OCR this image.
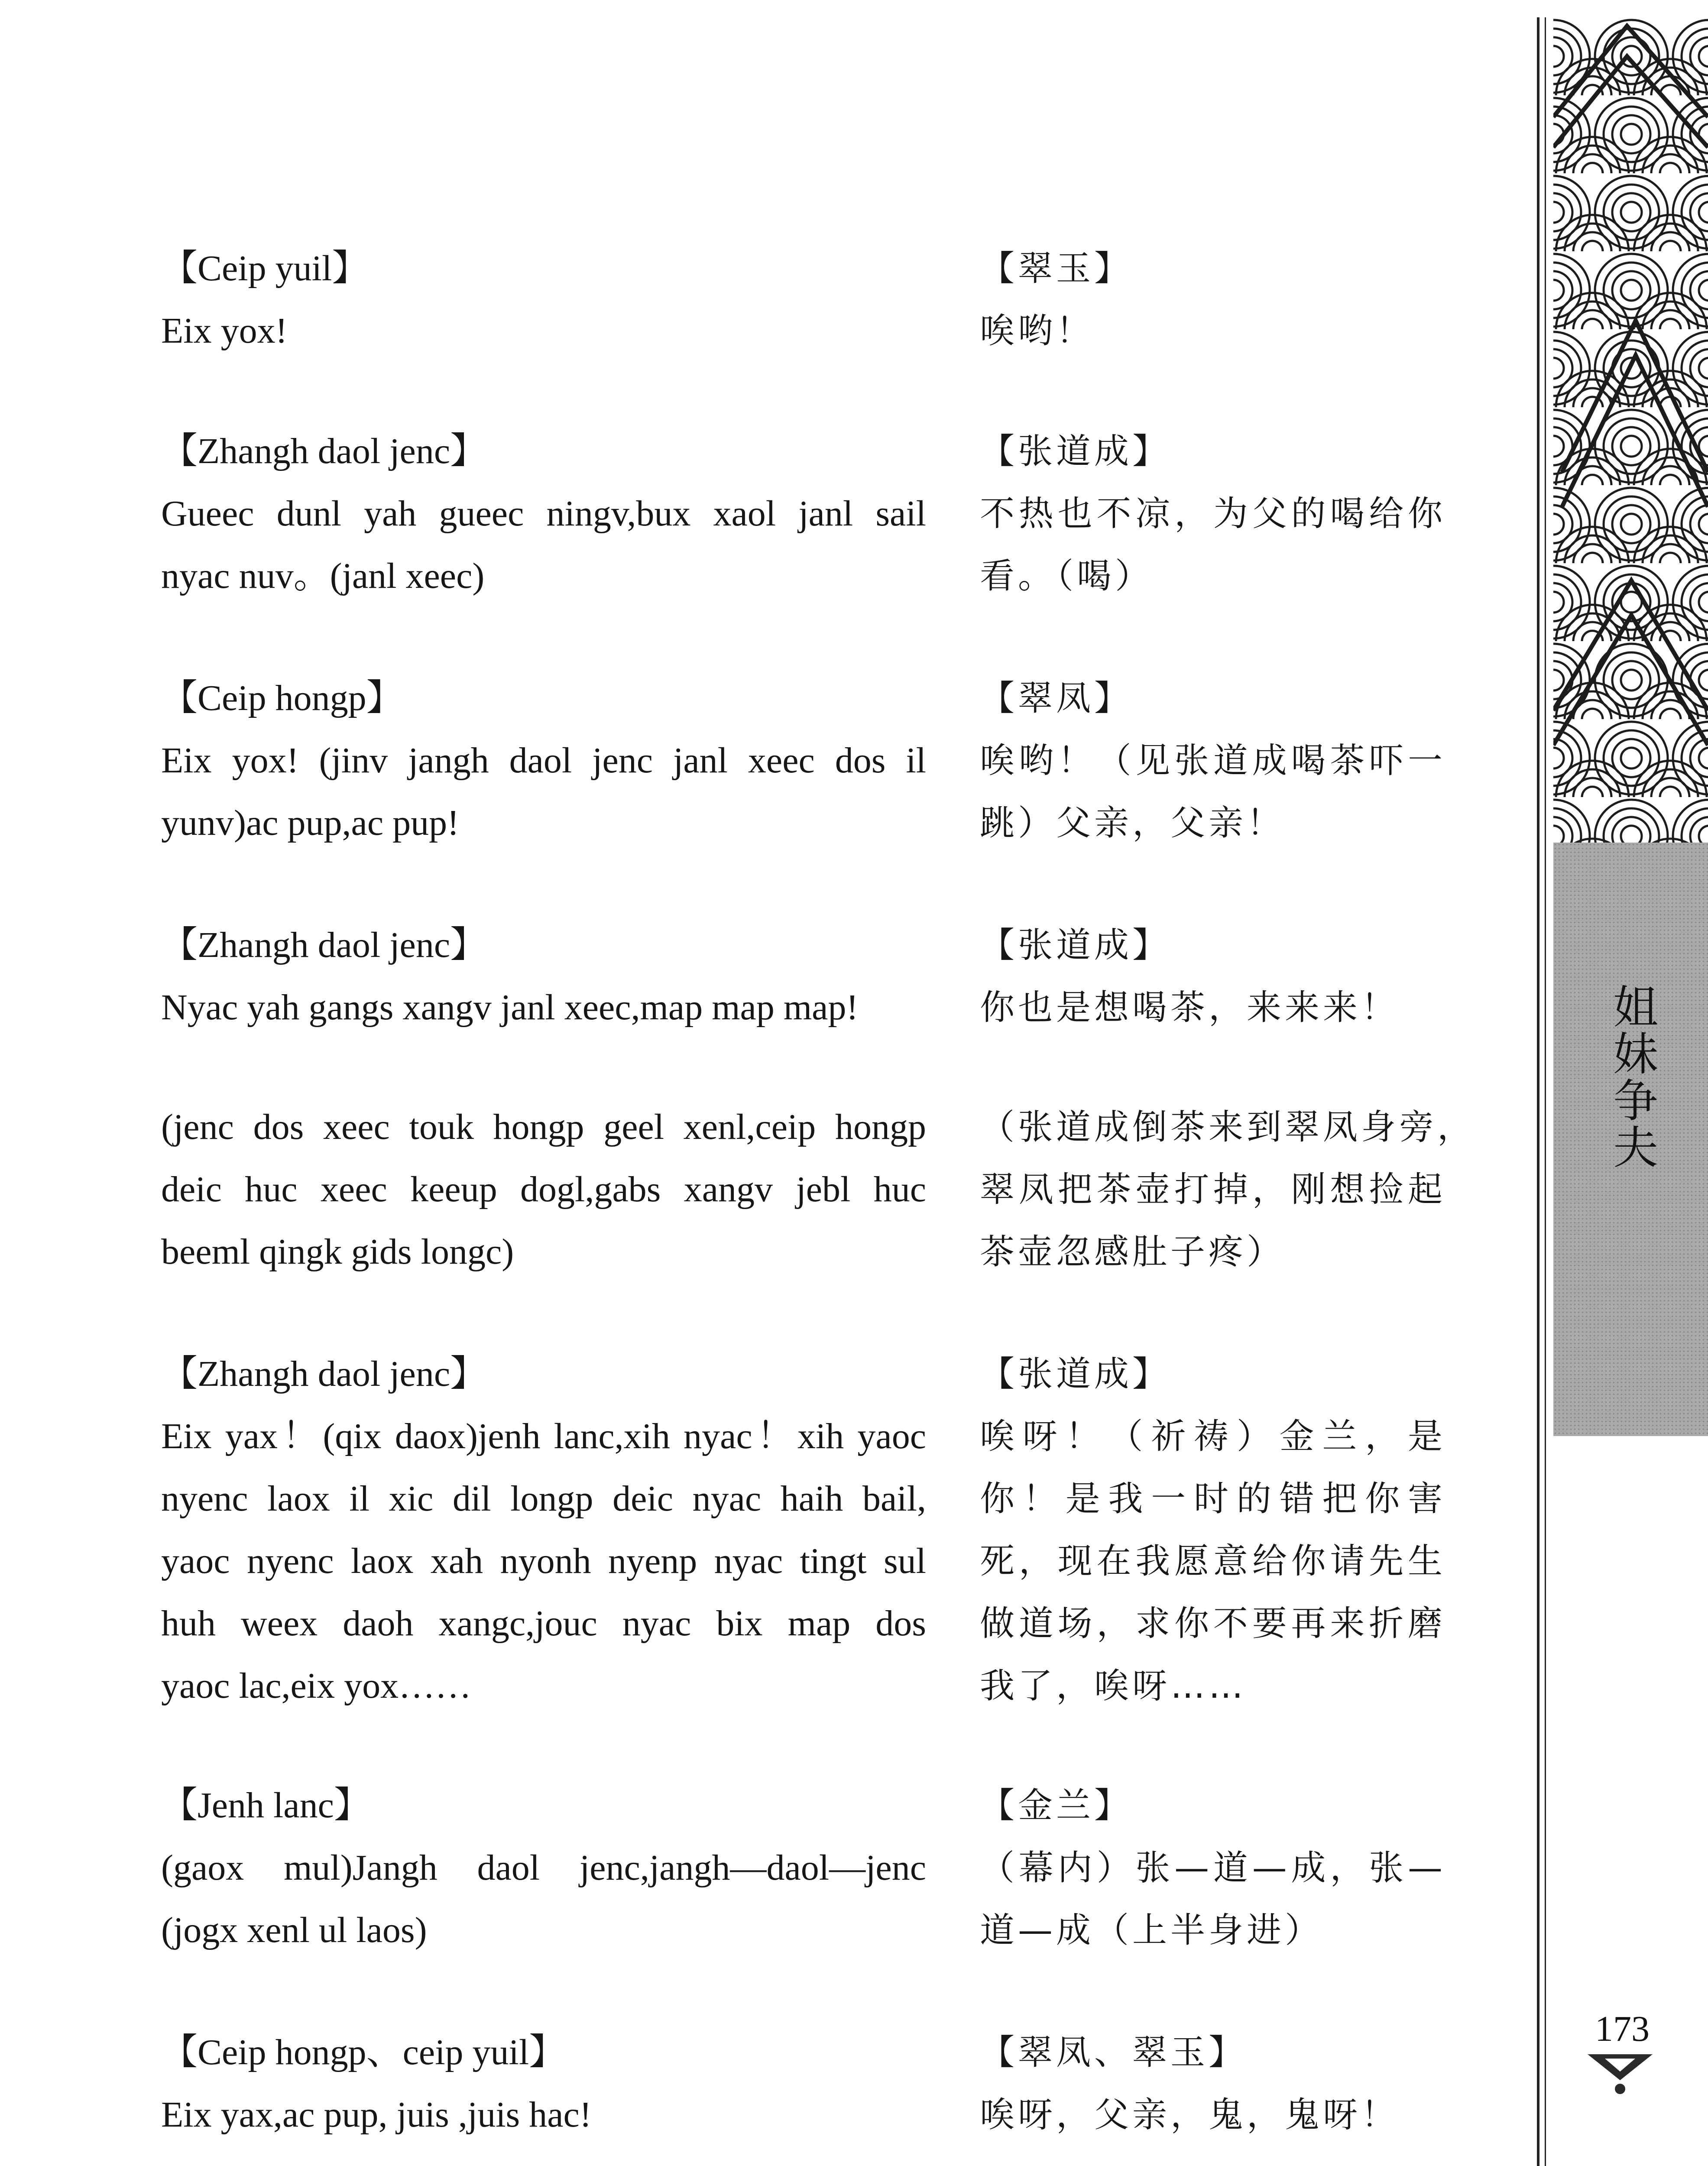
【Ceip yuil】
Eix yox!
【Zhangh daol jenc】
Gueec dunl yah gueec ningv,bux xaol janl sail
nyac nuv。(janl xeec)
【Ceip hongp】
Eix yox! (jinv jangh daol jenc janl xeec dos il
yunv)ac pup,ac pup!
【Zhangh daol jenc】
Nyac yah gangs xangv janl xeec,map map map!
(jenc dos xeec touk hongp geel xenl,ceip hongp
deic huc xeec keeup dogl,gabs xangv jebl huc
beeml qingk gids longc)
【Zhangh daol jenc】
Eix yax！(qix daox)jenh lanc,xih nyac！xih yaoc
nyenc laox il xic dil longp deic nyac haih bail,
yaoc nyenc laox xah nyonh nyenp nyac tingt sul
huh weex daoh xangc,jouc nyac bix map dos
yaoc lac,eix yox……
【Jenh lanc】
(gaox mul)Jangh daol jenc,jangh—daol—jenc
(jogx xenl ul laos)
【Ceip hongp、ceip yuil】
Eix yax,ac pup, juis ,juis hac!
【翠玉】
唉哟！
【张道成】
不热也不凉，为父的喝给你
看。（喝）
【翠凤】
唉哟！（见张道成喝茶吓一
跳）父亲，父亲！
【张道成】
你也是想喝茶，来来来！
（张道成倒茶来到翠凤身旁，
翠凤把茶壶打掉，刚想捡起
茶壶忽感肚子疼）
【张道成】
唉呀！（祈祷）金兰，是
你！是我一时的错把你害
死，现在我愿意给你请先生
做道场，求你不要再来折磨
我了，唉呀……
【金兰】
（幕内）张—道—成，张—
道—成（上半身进）
【翠凤、翠玉】
唉呀，父亲，鬼，鬼呀！
姐妹争夫
173
